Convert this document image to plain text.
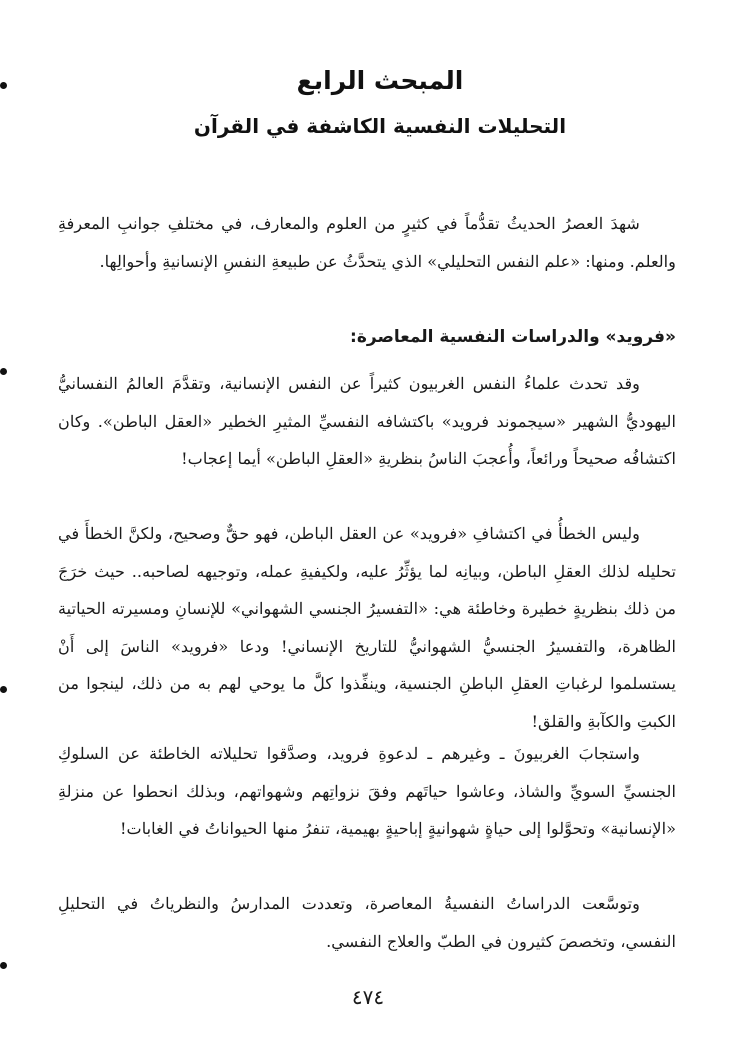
المبحث الرابع
التحليلات النفسية الكاشفة في القرآن
شهدَ العصرُ الحديثُ تقدُّماً في كثيرٍ من العلوم والمعارف، في مختلفِ جوانبِ المعرفةِ والعلم. ومنها: «علم النفس التحليلي» الذي يتحدَّثُ عن طبيعةِ النفسِ الإنسانيةِ وأحوالِها.
«فرويد» والدراسات النفسية المعاصرة:
وقد تحدث علماءُ النفس الغربيون كثيراً عن النفس الإنسانية، وتقدَّمَ العالمُ النفسانيُّ اليهوديُّ الشهير «سيجموند فرويد» باكتشافه النفسيِّ المثيرِ الخطير «العقل الباطن». وكان اكتشافُه صحيحاً ورائعاً، وأُعجبَ الناسُ بنظريةِ «العقلِ الباطن» أيما إعجاب!
وليس الخطأُ في اكتشافِ «فرويد» عن العقل الباطن، فهو حقٌّ وصحيح، ولكنَّ الخطأَ في تحليله لذلك العقلِ الباطن، وبيانِه لما يؤثِّرُ عليه، ولكيفيةِ عمله، وتوجيهه لصاحبه.. حيث خرَجَ من ذلك بنظريةٍ خطيرة وخاطئة هي: «التفسيرُ الجنسي الشهواني» للإنسانِ ومسيرته الحياتية الظاهرة، والتفسيرُ الجنسيُّ الشهوانيُّ للتاريخ الإنساني! ودعا «فرويد» الناسَ إلى أَنْ يستسلموا لرغباتِ العقلِ الباطنِ الجنسية، وينفِّذوا كلَّ ما يوحي لهم به من ذلك، لينجوا من الكبتِ والكآبةِ والقلق!
واستجابَ الغربيونَ ـ وغيرهم ـ لدعوةِ فرويد، وصدَّقوا تحليلاته الخاطئة عن السلوكِ الجنسيِّ السويِّ والشاذ، وعاشوا حياتَهم وفقَ نزواتِهم وشهواتهم، وبذلك انحطوا عن منزلةِ «الإنسانية» وتحوَّلوا إلى حياةٍ شهوانيةٍ إباحيةٍ بهيمية، تنفرُ منها الحيواناتُ في الغابات!
وتوسَّعت الدراساتُ النفسيةُ المعاصرة، وتعددت المدارسُ والنظرياتُ في التحليلِ النفسي، وتخصصَ كثيرون في الطبّ والعلاج النفسي.
٤٧٤
